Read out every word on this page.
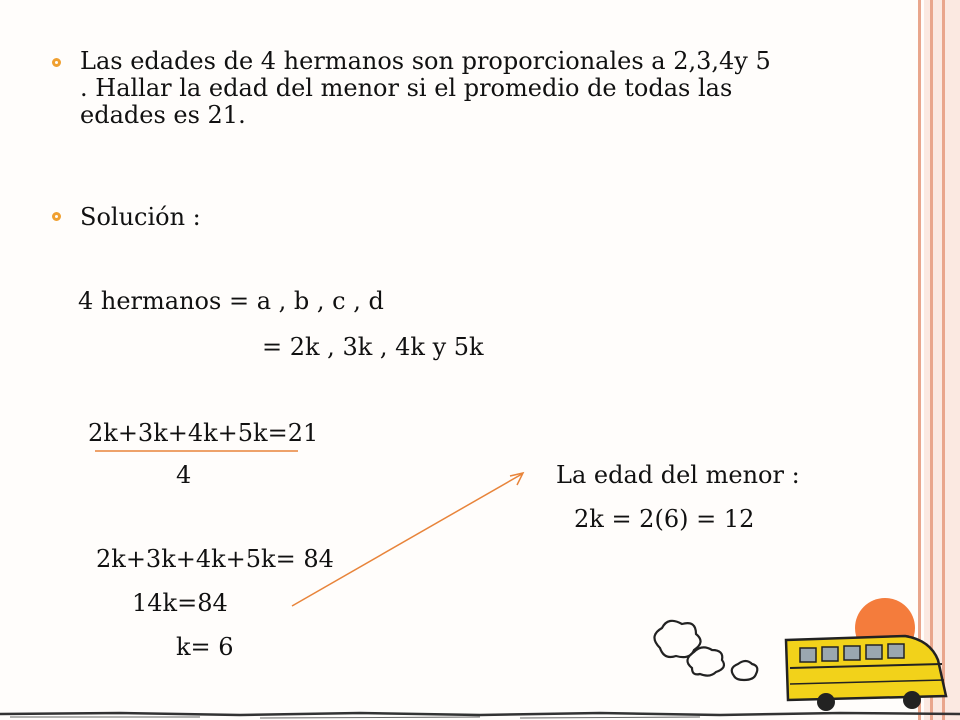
Las edades de 4 hermanos son proporcionales a 2,3,4y 5
. Hallar la edad del menor si el promedio de todas las
edades es 21.
Solución :
4 hermanos = a , b , c , d
= 2k , 3k , 4k y 5k
2k+3k+4k+5k=21
4
2k+3k+4k+5k= 84
14k=84
k= 6
La edad del menor :
2k = 2(6) = 12
